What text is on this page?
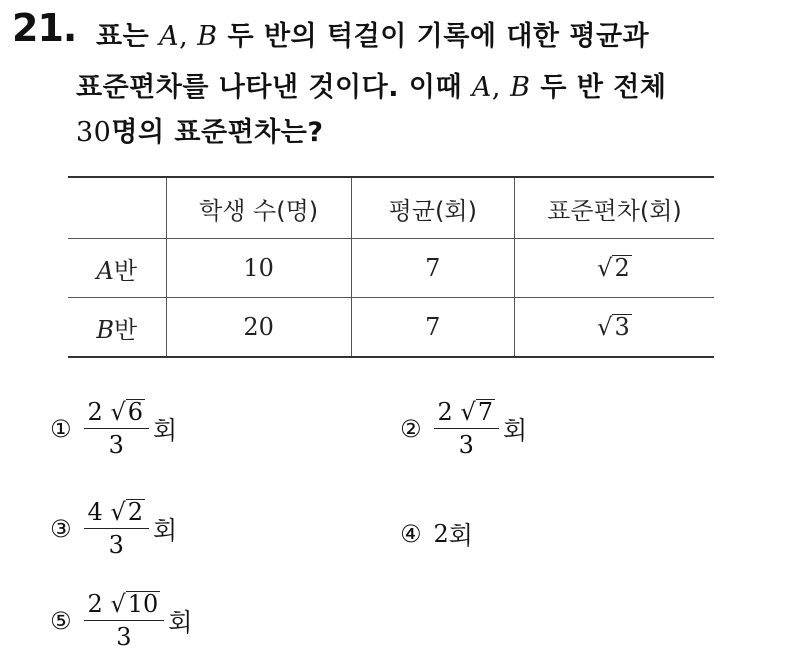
21. 표는 A, B 두 반의 턱걸이 기록에 대한 평균과
표준편차를 나타낸 것이다. 이때 A, B 두 반 전체
30명의 표준편차는?
	학생 수(명)	평균(회)	표준편차(회)
A반	10	7	√2
B반	20	7	√3
① $\frac{2 √6}{3}$ 회	② $\frac{2 √7}{3}$ 회
③ $\frac{4 √2}{3}$ 회	④ 2 회
⑤ $\frac{2 √10}{3}$ 회
